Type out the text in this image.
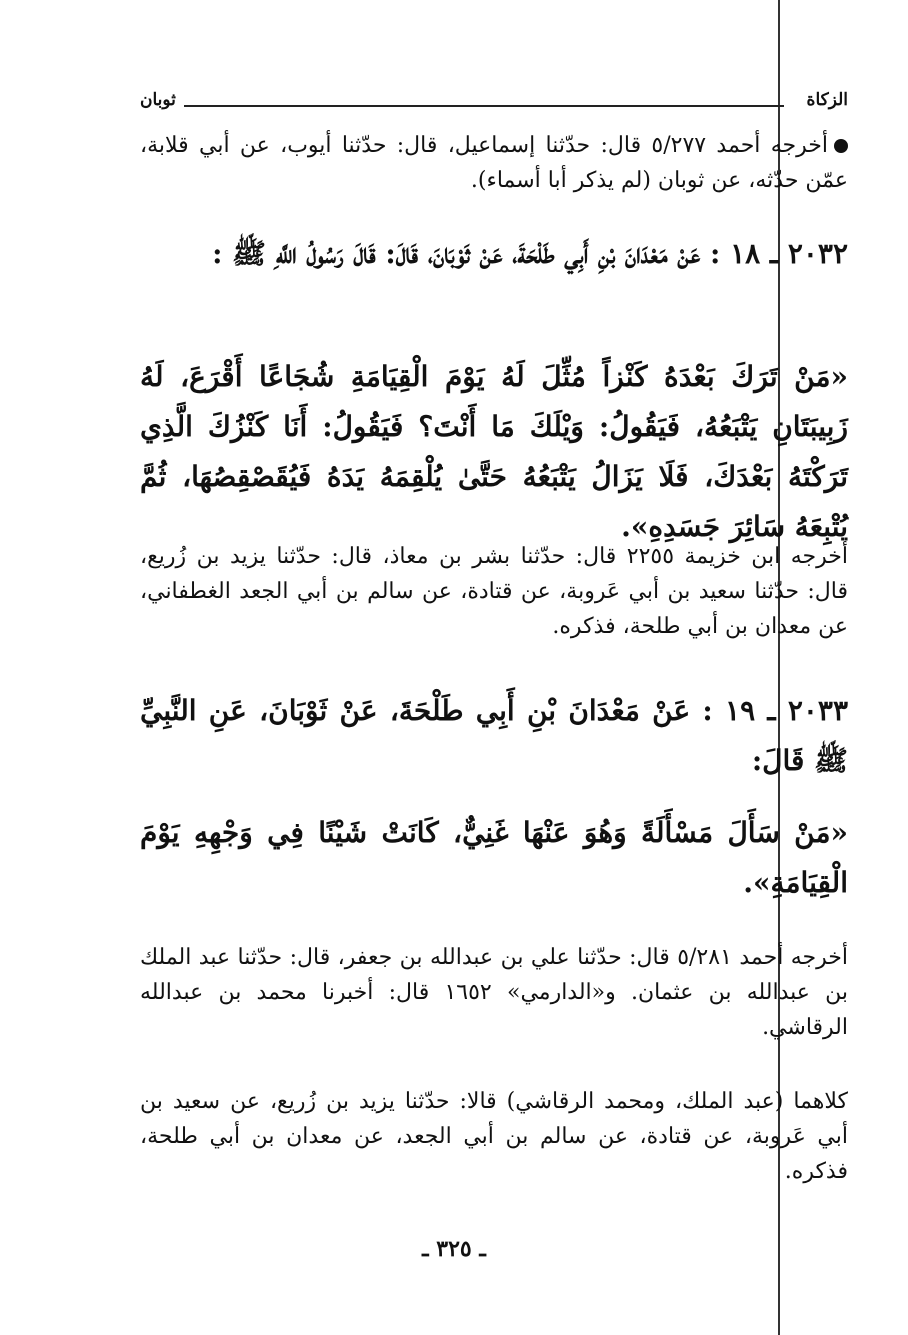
الزكاة
ثوبان
أخرجه أحمد ٥/٢٧٧ قال: حدّثنا إسماعيل، قال: حدّثنا أيوب، عن أبي قلابة، عمّن حدّثه، عن ثوبان (لم يذكر أبا أسماء).
٢٠٣٢ ـ ١٨ : عَنْ مَعْدَانَ بْنِ أَبِي طَلْحَةَ، عَنْ ثَوْبَانَ، قَالَ: قَالَ رَسُولُ اللَّهِ ﷺ :
«مَنْ تَرَكَ بَعْدَهُ كَنْزاً مُثِّلَ لَهُ يَوْمَ الْقِيَامَةِ شُجَاعًا أَقْرَعَ، لَهُ زَبِيبَتَانِ يَتْبَعُهُ، فَيَقُولُ: وَيْلَكَ مَا أَنْتَ؟ فَيَقُولُ: أَنَا كَنْزُكَ الَّذِي تَرَكْتَهُ بَعْدَكَ، فَلَا يَزَالُ يَتْبَعُهُ حَتَّىٰ يُلْقِمَهُ يَدَهُ فَيُقَصْقِصُهَا، ثُمَّ يُتْبِعَهُ سَائِرَ جَسَدِهِ».
أخرجه ابن خزيمة ٢٢٥٥ قال: حدّثنا بشر بن معاذ، قال: حدّثنا يزيد بن زُريع، قال: حدّثنا سعيد بن أبي عَروبة، عن قتادة، عن سالم بن أبي الجعد الغطفاني، عن معدان بن أبي طلحة، فذكره.
٢٠٣٣ ـ ١٩ : عَنْ مَعْدَانَ بْنِ أَبِي طَلْحَةَ، عَنْ ثَوْبَانَ، عَنِ النَّبِيِّ ﷺ قَالَ:
«مَنْ سَأَلَ مَسْأَلَةً وَهُوَ عَنْهَا غَنِيٌّ، كَانَتْ شَيْنًا فِي وَجْهِهِ يَوْمَ الْقِيَامَةِ».
أخرجه أحمد ٥/٢٨١ قال: حدّثنا علي بن عبدالله بن جعفر، قال: حدّثنا عبد الملك بن عبدالله بن عثمان. و«الدارمي» ١٦٥٢ قال: أخبرنا محمد بن عبدالله الرقاشي.
كلاهما (عبد الملك، ومحمد الرقاشي) قالا: حدّثنا يزيد بن زُريع، عن سعيد بن أبي عَروبة، عن قتادة، عن سالم بن أبي الجعد، عن معدان بن أبي طلحة، فذكره.
ـ ٣٢٥ ـ
